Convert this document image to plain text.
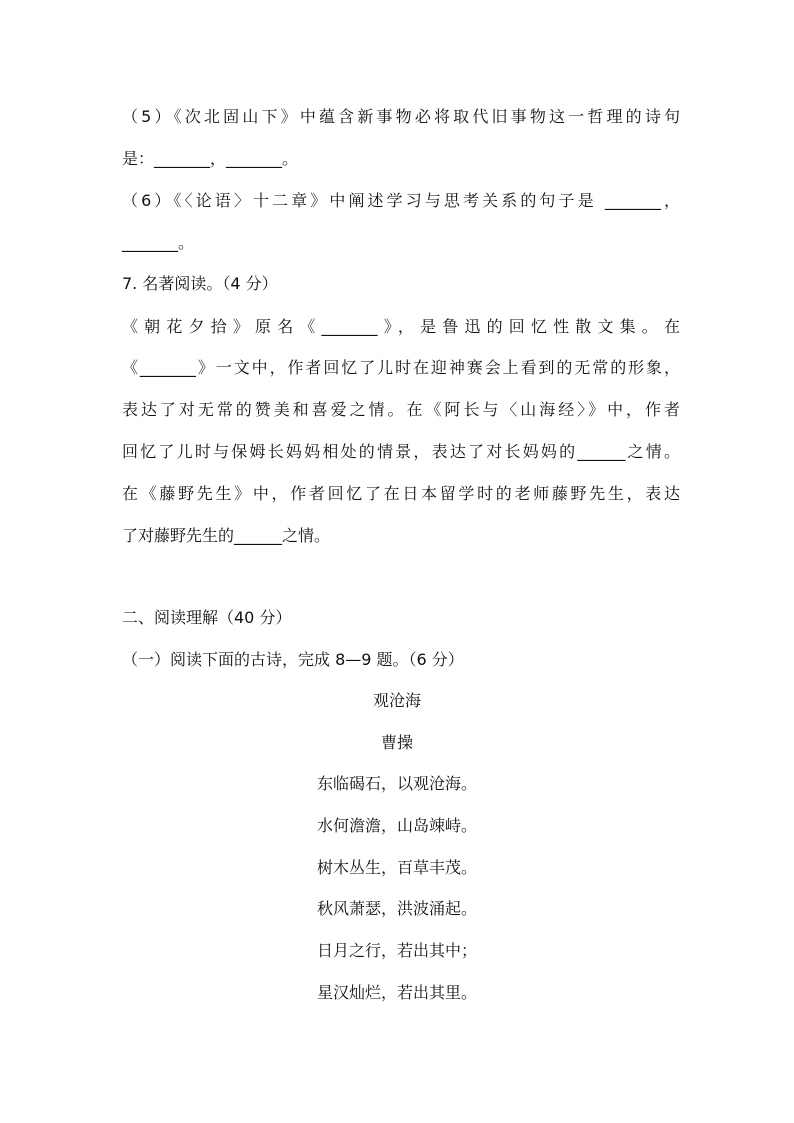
（5）《次北固山下》中蕴含新事物必将取代旧事物这一哲理的诗句
是：_______，_______。
（6）《〈论语〉十二章》中阐述学习与思考关系的句子是 _______，
_______。
7. 名著阅读。（4 分）
《朝花夕拾》原名《_______》，是鲁迅的回忆性散文集。在
《_______》一文中，作者回忆了儿时在迎神赛会上看到的无常的形象，
表达了对无常的赞美和喜爱之情。在《阿长与〈山海经〉》中，作者
回忆了儿时与保姆长妈妈相处的情景，表达了对长妈妈的______之情。
在《藤野先生》中，作者回忆了在日本留学时的老师藤野先生，表达
了对藤野先生的______之情。
二、阅读理解（40 分）
（一）阅读下面的古诗，完成 8—9 题。（6 分）
观沧海
曹操
东临碣石，以观沧海。
水何澹澹，山岛竦峙。
树木丛生，百草丰茂。
秋风萧瑟，洪波涌起。
日月之行，若出其中；
星汉灿烂，若出其里。
